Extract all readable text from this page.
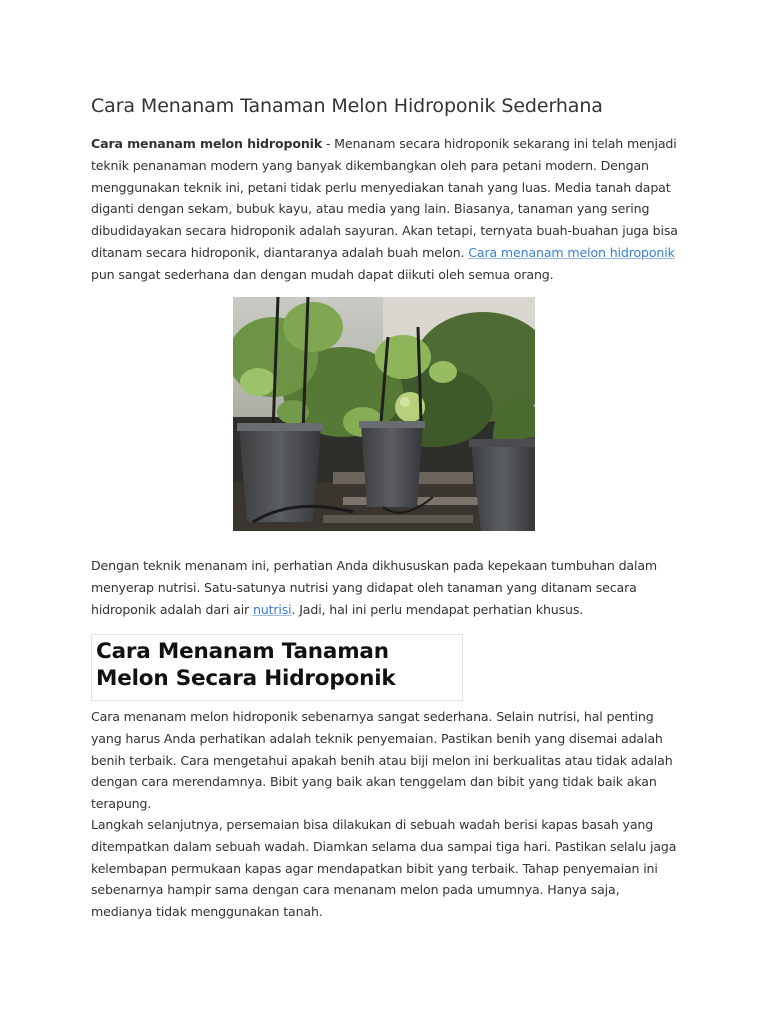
Cara Menanam Tanaman Melon Hidroponik Sederhana

Cara menanam melon hidroponik - Menanam secara hidroponik sekarang ini telah menjadi teknik penanaman modern yang banyak dikembangkan oleh para petani modern. Dengan menggunakan teknik ini, petani tidak perlu menyediakan tanah yang luas. Media tanah dapat diganti dengan sekam, bubuk kayu, atau media yang lain. Biasanya, tanaman yang sering dibudidayakan secara hidroponik adalah sayuran. Akan tetapi, ternyata buah-buahan juga bisa ditanam secara hidroponik, diantaranya adalah buah melon. Cara menanam melon hidroponik pun sangat sederhana dan dengan mudah dapat diikuti oleh semua orang.

Dengan teknik menanam ini, perhatian Anda dikhususkan pada kepekaan tumbuhan dalam menyerap nutrisi. Satu-satunya nutrisi yang didapat oleh tanaman yang ditanam secara hidroponik adalah dari air nutrisi. Jadi, hal ini perlu mendapat perhatian khusus.

Cara Menanam Tanaman Melon Secara Hidroponik

Cara menanam melon hidroponik sebenarnya sangat sederhana. Selain nutrisi, hal penting yang harus Anda perhatikan adalah teknik penyemaian. Pastikan benih yang disemai adalah benih terbaik. Cara mengetahui apakah benih atau biji melon ini berkualitas atau tidak adalah dengan cara merendamnya. Bibit yang baik akan tenggelam dan bibit yang tidak baik akan terapung.

Langkah selanjutnya, persemaian bisa dilakukan di sebuah wadah berisi kapas basah yang ditempatkan dalam sebuah wadah. Diamkan selama dua sampai tiga hari. Pastikan selalu jaga kelembapan permukaan kapas agar mendapatkan bibit yang terbaik. Tahap penyemaian ini sebenarnya hampir sama dengan cara menanam melon pada umumnya. Hanya saja, medianya tidak menggunakan tanah.
